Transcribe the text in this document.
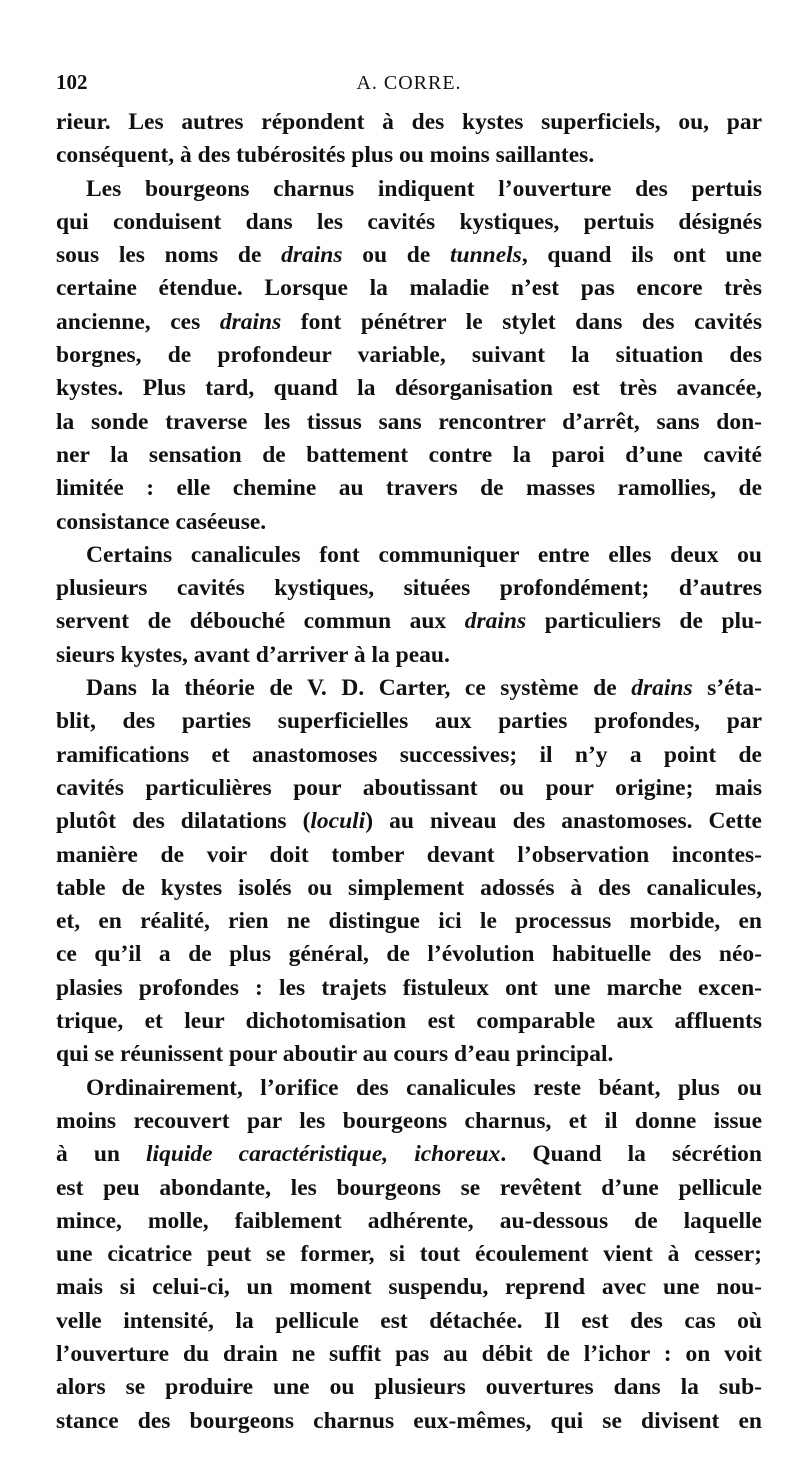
102	A. CORRE.
rieur. Les autres répondent à des kystes superficiels, ou, par
conséquent, à des tubérosités plus ou moins saillantes.
Les bourgeons charnus indiquent l’ouverture des pertuis
qui conduisent dans les cavités kystiques, pertuis désignés
sous les noms de drains ou de tunnels, quand ils ont une
certaine étendue. Lorsque la maladie n’est pas encore très
ancienne, ces drains font pénétrer le stylet dans des cavités
borgnes, de profondeur variable, suivant la situation des
kystes. Plus tard, quand la désorganisation est très avancée,
la sonde traverse les tissus sans rencontrer d’arrêt, sans don-
ner la sensation de battement contre la paroi d’une cavité
limitée : elle chemine au travers de masses ramollies, de
consistance caséeuse.
Certains canalicules font communiquer entre elles deux ou
plusieurs cavités kystiques, situées profondément; d’autres
servent de débouché commun aux drains particuliers de plu-
sieurs kystes, avant d’arriver à la peau.
Dans la théorie de V. D. Carter, ce système de drains s’éta-
blit, des parties superficielles aux parties profondes, par
ramifications et anastomoses successives; il n’y a point de
cavités particulières pour aboutissant ou pour origine; mais
plutôt des dilatations (loculi) au niveau des anastomoses. Cette
manière de voir doit tomber devant l’observation incontes-
table de kystes isolés ou simplement adossés à des canalicules,
et, en réalité, rien ne distingue ici le processus morbide, en
ce qu’il a de plus général, de l’évolution habituelle des néo-
plasies profondes : les trajets fistuleux ont une marche excen-
trique, et leur dichotomisation est comparable aux affluents
qui se réunissent pour aboutir au cours d’eau principal.
Ordinairement, l’orifice des canalicules reste béant, plus ou
moins recouvert par les bourgeons charnus, et il donne issue
à un liquide caractéristique, ichoreux. Quand la sécrétion
est peu abondante, les bourgeons se revêtent d’une pellicule
mince, molle, faiblement adhérente, au-dessous de laquelle
une cicatrice peut se former, si tout écoulement vient à cesser;
mais si celui-ci, un moment suspendu, reprend avec une nou-
velle intensité, la pellicule est détachée. Il est des cas où
l’ouverture du drain ne suffit pas au débit de l’ichor : on voit
alors se produire une ou plusieurs ouvertures dans la sub-
stance des bourgeons charnus eux-mêmes, qui se divisent en
